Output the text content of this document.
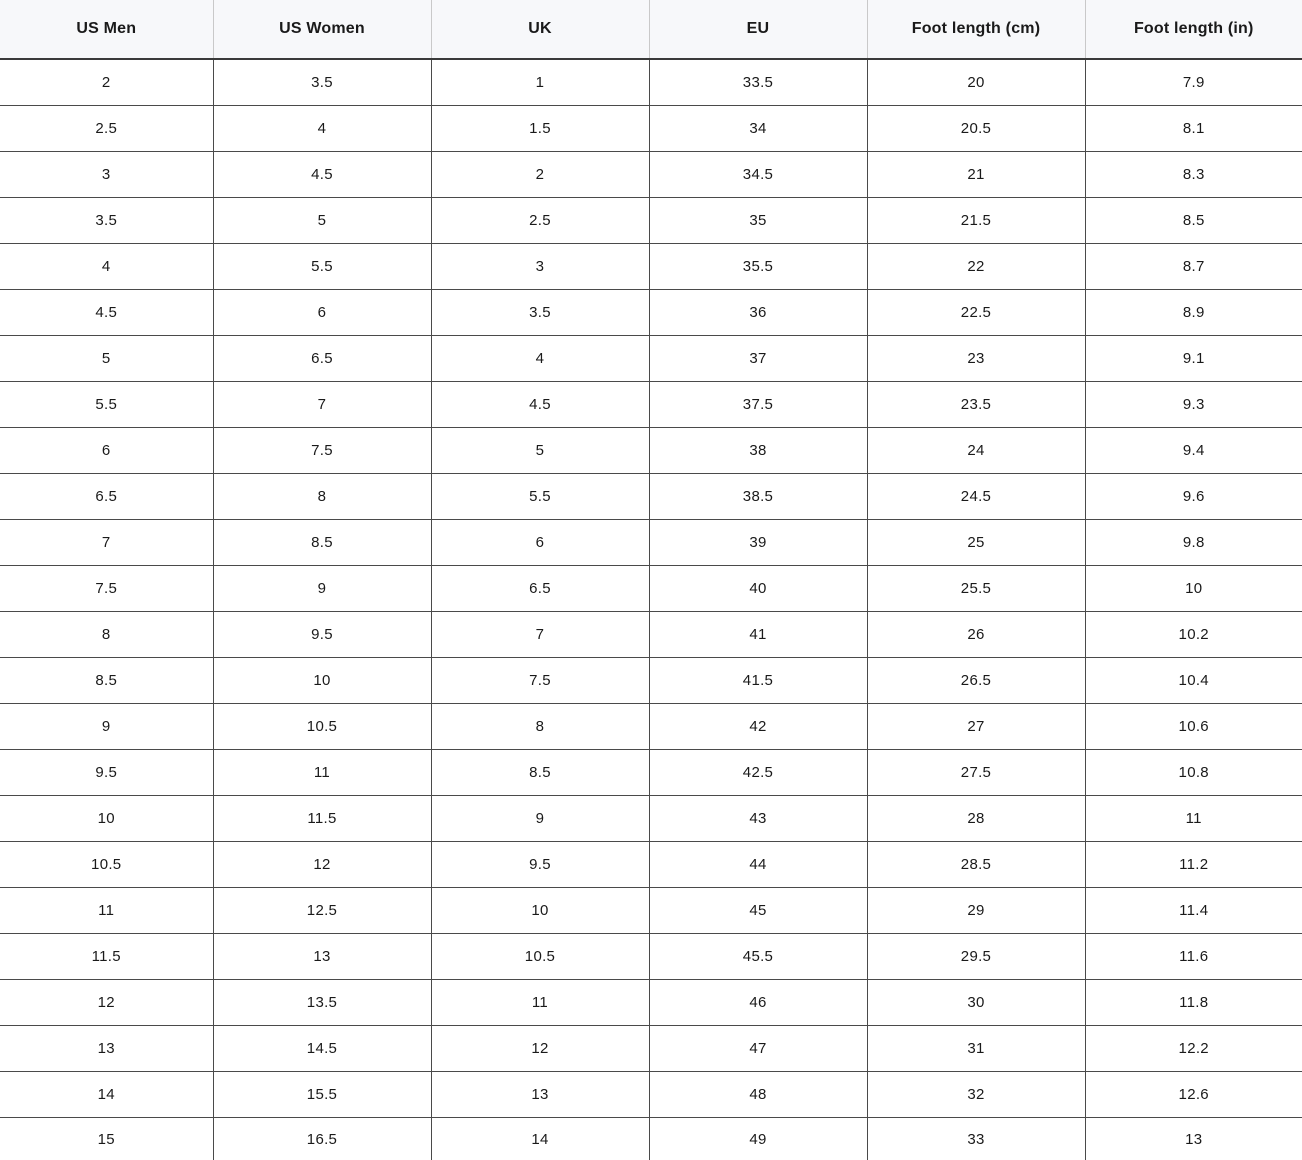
US Men	US Women	UK	EU	Foot length (cm)	Foot length (in)
2	3.5	1	33.5	20	7.9
2.5	4	1.5	34	20.5	8.1
3	4.5	2	34.5	21	8.3
3.5	5	2.5	35	21.5	8.5
4	5.5	3	35.5	22	8.7
4.5	6	3.5	36	22.5	8.9
5	6.5	4	37	23	9.1
5.5	7	4.5	37.5	23.5	9.3
6	7.5	5	38	24	9.4
6.5	8	5.5	38.5	24.5	9.6
7	8.5	6	39	25	9.8
7.5	9	6.5	40	25.5	10
8	9.5	7	41	26	10.2
8.5	10	7.5	41.5	26.5	10.4
9	10.5	8	42	27	10.6
9.5	11	8.5	42.5	27.5	10.8
10	11.5	9	43	28	11
10.5	12	9.5	44	28.5	11.2
11	12.5	10	45	29	11.4
11.5	13	10.5	45.5	29.5	11.6
12	13.5	11	46	30	11.8
13	14.5	12	47	31	12.2
14	15.5	13	48	32	12.6
15	16.5	14	49	33	13
